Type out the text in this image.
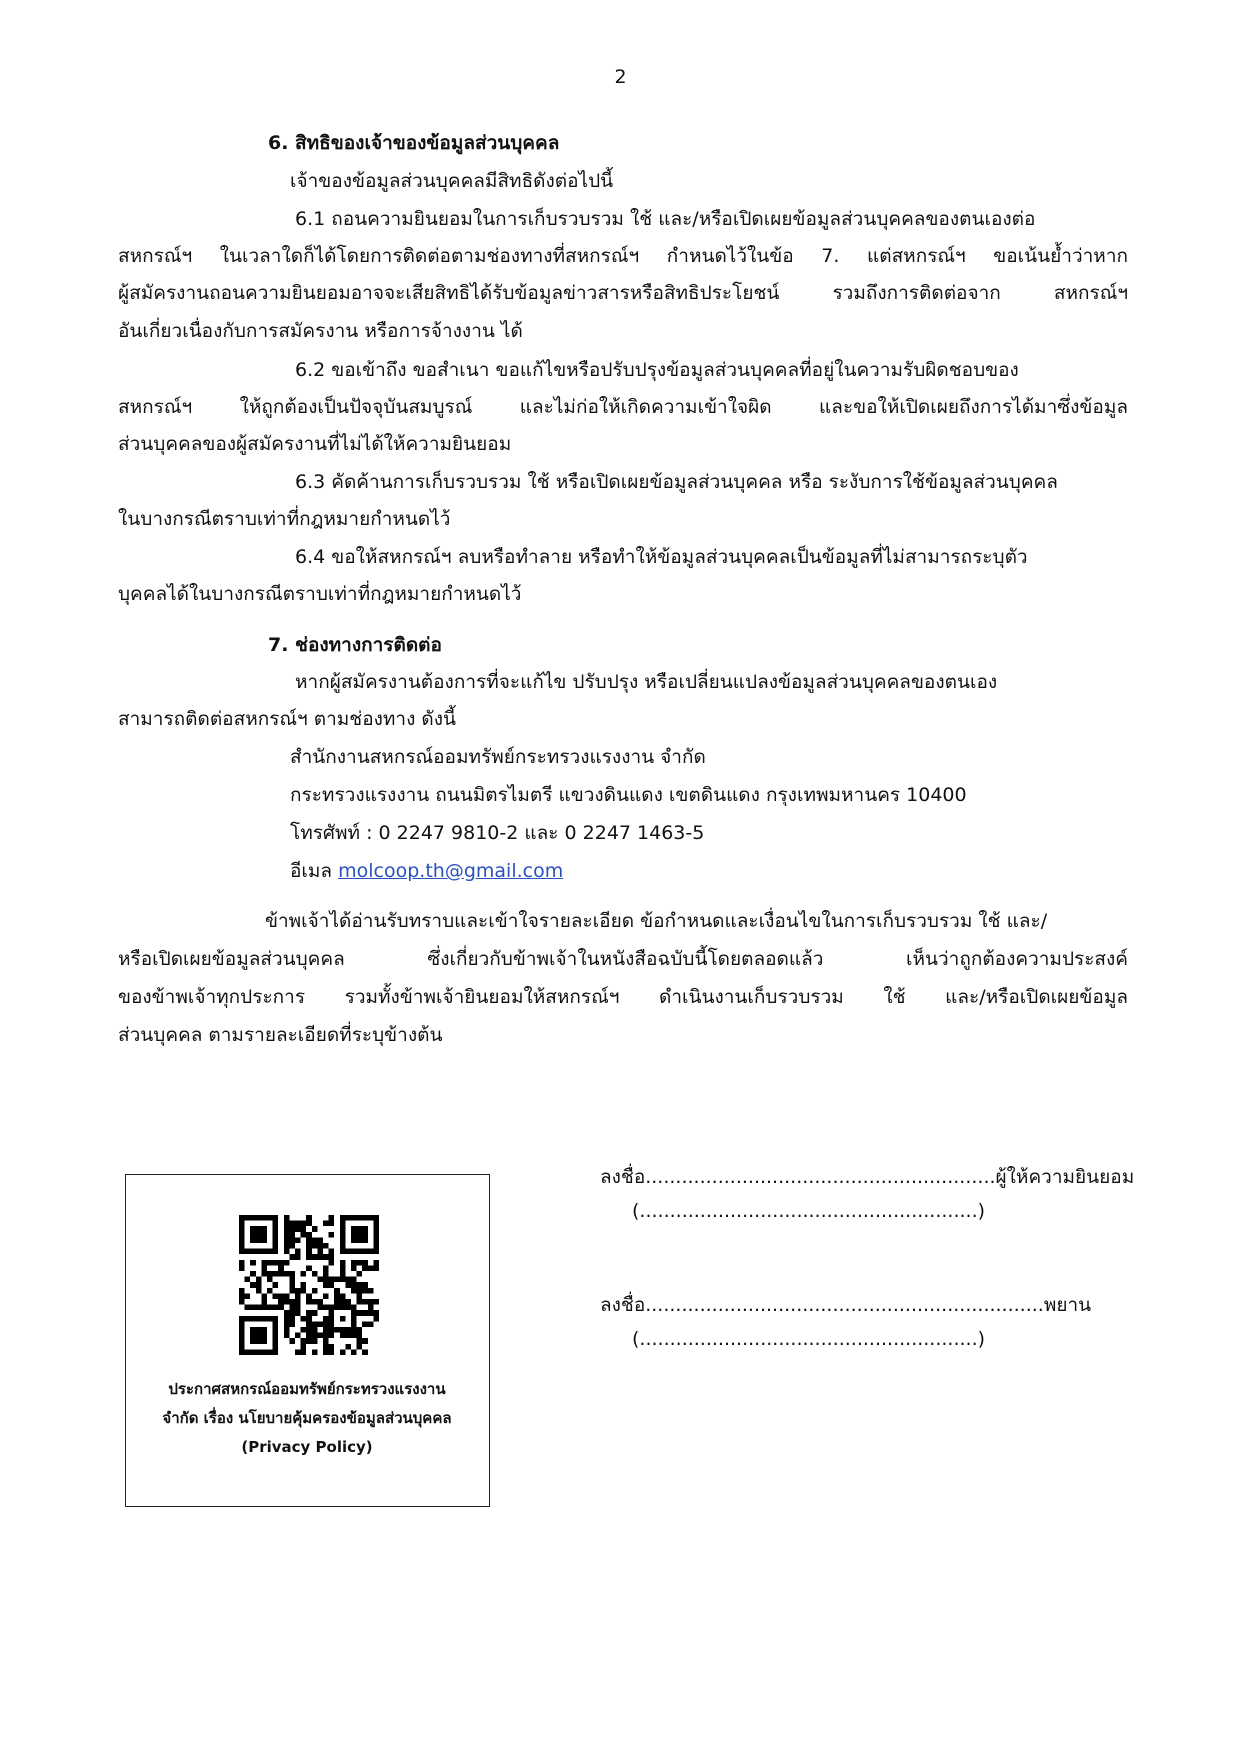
2
6. สิทธิของเจ้าของข้อมูลส่วนบุคคล
เจ้าของข้อมูลส่วนบุคคลมีสิทธิดังต่อไปนี้
6.1 ถอนความยินยอมในการเก็บรวบรวม ใช้ และ/หรือเปิดเผยข้อมูลส่วนบุคคลของตนเองต่อ
สหกรณ์ฯ ในเวลาใดก็ได้โดยการติดต่อตามช่องทางที่สหกรณ์ฯ กำหนดไว้ในข้อ 7. แต่สหกรณ์ฯ ขอเน้นย้ำว่าหาก
ผู้สมัครงานถอนความยินยอมอาจจะเสียสิทธิได้รับข้อมูลข่าวสารหรือสิทธิประโยชน์ รวมถึงการติดต่อจาก สหกรณ์ฯ
อันเกี่ยวเนื่องกับการสมัครงาน หรือการจ้างงาน ได้
6.2 ขอเข้าถึง ขอสำเนา ขอแก้ไขหรือปรับปรุงข้อมูลส่วนบุคคลที่อยู่ในความรับผิดชอบของ
สหกรณ์ฯ ให้ถูกต้องเป็นปัจจุบันสมบูรณ์ และไม่ก่อให้เกิดความเข้าใจผิด และขอให้เปิดเผยถึงการได้มาซึ่งข้อมูล
ส่วนบุคคลของผู้สมัครงานที่ไม่ได้ให้ความยินยอม
6.3 คัดค้านการเก็บรวบรวม ใช้ หรือเปิดเผยข้อมูลส่วนบุคคล หรือ ระงับการใช้ข้อมูลส่วนบุคคล
ในบางกรณีตราบเท่าที่กฎหมายกำหนดไว้
6.4 ขอให้สหกรณ์ฯ ลบหรือทำลาย หรือทำให้ข้อมูลส่วนบุคคลเป็นข้อมูลที่ไม่สามารถระบุตัว
บุคคลได้ในบางกรณีตราบเท่าที่กฎหมายกำหนดไว้
7. ช่องทางการติดต่อ
หากผู้สมัครงานต้องการที่จะแก้ไข ปรับปรุง หรือเปลี่ยนแปลงข้อมูลส่วนบุคคลของตนเอง
สามารถติดต่อสหกรณ์ฯ ตามช่องทาง ดังนี้
สำนักงานสหกรณ์ออมทรัพย์กระทรวงแรงงาน จำกัด
กระทรวงแรงงาน ถนนมิตรไมตรี แขวงดินแดง เขตดินแดง กรุงเทพมหานคร 10400
โทรศัพท์ : 0 2247 9810-2 และ 0 2247 1463-5
อีเมล molcoop.th@gmail.com
ข้าพเจ้าได้อ่านรับทราบและเข้าใจรายละเอียด ข้อกำหนดและเงื่อนไขในการเก็บรวบรวม ใช้ และ/
หรือเปิดเผยข้อมูลส่วนบุคคล ซึ่งเกี่ยวกับข้าพเจ้าในหนังสือฉบับนี้โดยตลอดแล้ว เห็นว่าถูกต้องความประสงค์
ของข้าพเจ้าทุกประการ รวมทั้งข้าพเจ้ายินยอมให้สหกรณ์ฯ ดำเนินงานเก็บรวบรวม ใช้ และ/หรือเปิดเผยข้อมูล
ส่วนบุคคล ตามรายละเอียดที่ระบุข้างต้น
ประกาศสหกรณ์ออมทรัพย์กระทรวงแรงงาน
จำกัด เรื่อง นโยบายคุ้มครองข้อมูลส่วนบุคคล
(Privacy Policy)
ลงชื่อ..........................................................ผู้ให้ความยินยอม
(........................................................)
ลงชื่อ..................................................................พยาน
(........................................................)
